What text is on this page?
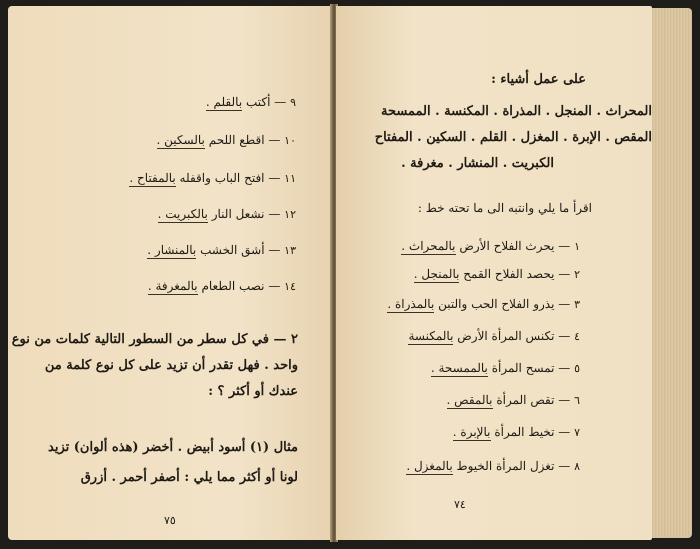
٩ — أكتب بالقلم .
١٠ — اقطع اللحم بالسكين .
١١ — افتح الباب واقفله بالمفتاح .
١٢ — نشعل النار بالكبريت .
١٣ — أشق الخشب بالمنشار .
١٤ — نصب الطعام بالمغرفة .
٢ — في كل سطر من السطور التالية كلمات من نوع
واحد . فهل تقدر أن تزيد على كل نوع كلمة من
عندك أو أكثر ؟ :
مثال (١) أسود أبيض . أخضر (هذه ألوان) تزيد
لونا أو أكثر مما يلي : أصفر أحمر . أزرق
٧٥
على عمل أشياء :
المحراث . المنجل . المذراة . المكنسة . الممسحة
المقص . الإبرة . المغزل . القلم . السكين . المفتاح
الكبريت . المنشار . مغرفة .
اقرأ ما يلي وانتبه الى ما تحته خط :
١ — يحرث الفلاح الأرض بالمحراث .
٢ — يحصد الفلاح القمح بالمنجل .
٣ — يذرو الفلاح الحب والتبن بالمذراة .
٤ — تكنس المرأة الأرض بالمكنسة
٥ — تمسح المرأة بالممسحة .
٦ — تقص المرأة بالمقص .
٧ — تخيط المرأة بالإبرة .
٨ — تغزل المرأة الخيوط بالمغزل .
٧٤
